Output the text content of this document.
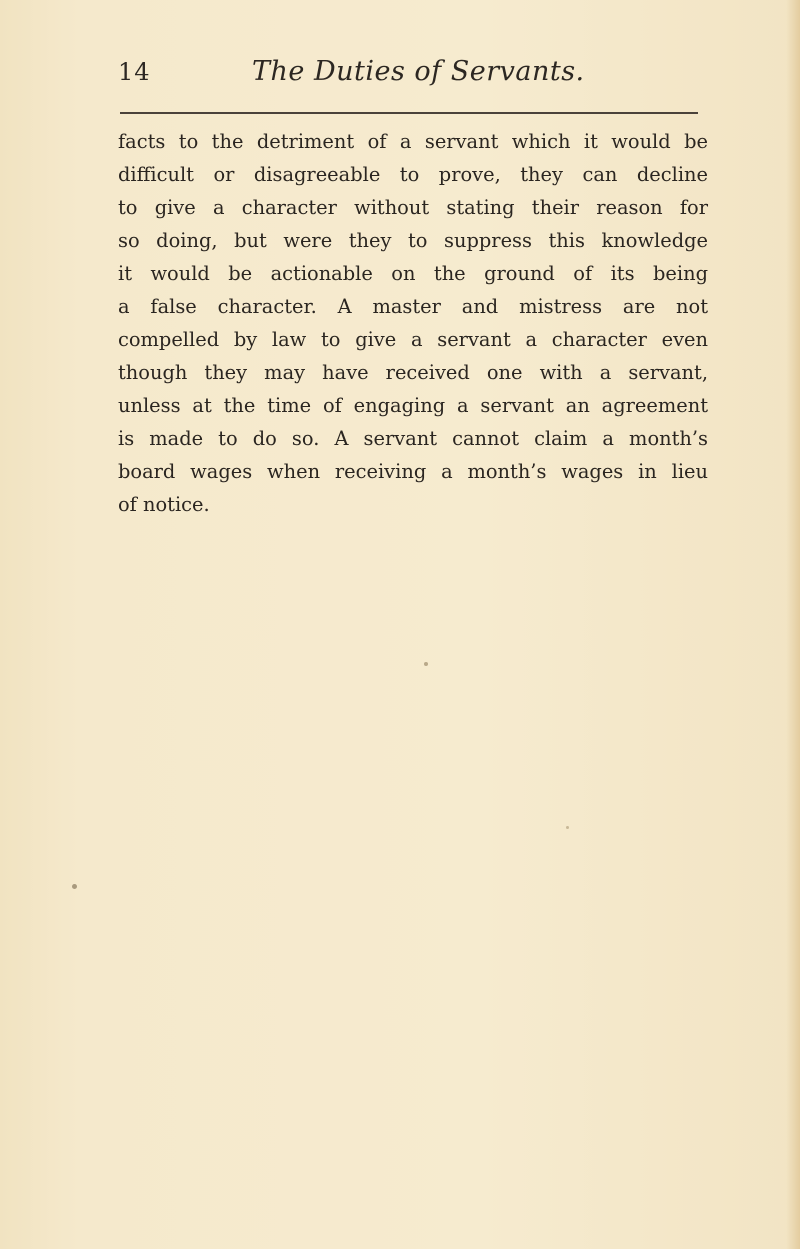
14	The Duties of Servants.
facts to the detriment of a servant which it would be
difficult or disagreeable to prove, they can decline
to give a character without stating their reason for
so doing, but were they to suppress this knowledge
it would be actionable on the ground of its being
a false character. A master and mistress are not
compelled by law to give a servant a character even
though they may have received one with a servant,
unless at the time of engaging a servant an agreement
is made to do so. A servant cannot claim a month’s
board wages when receiving a month’s wages in lieu
of notice.
